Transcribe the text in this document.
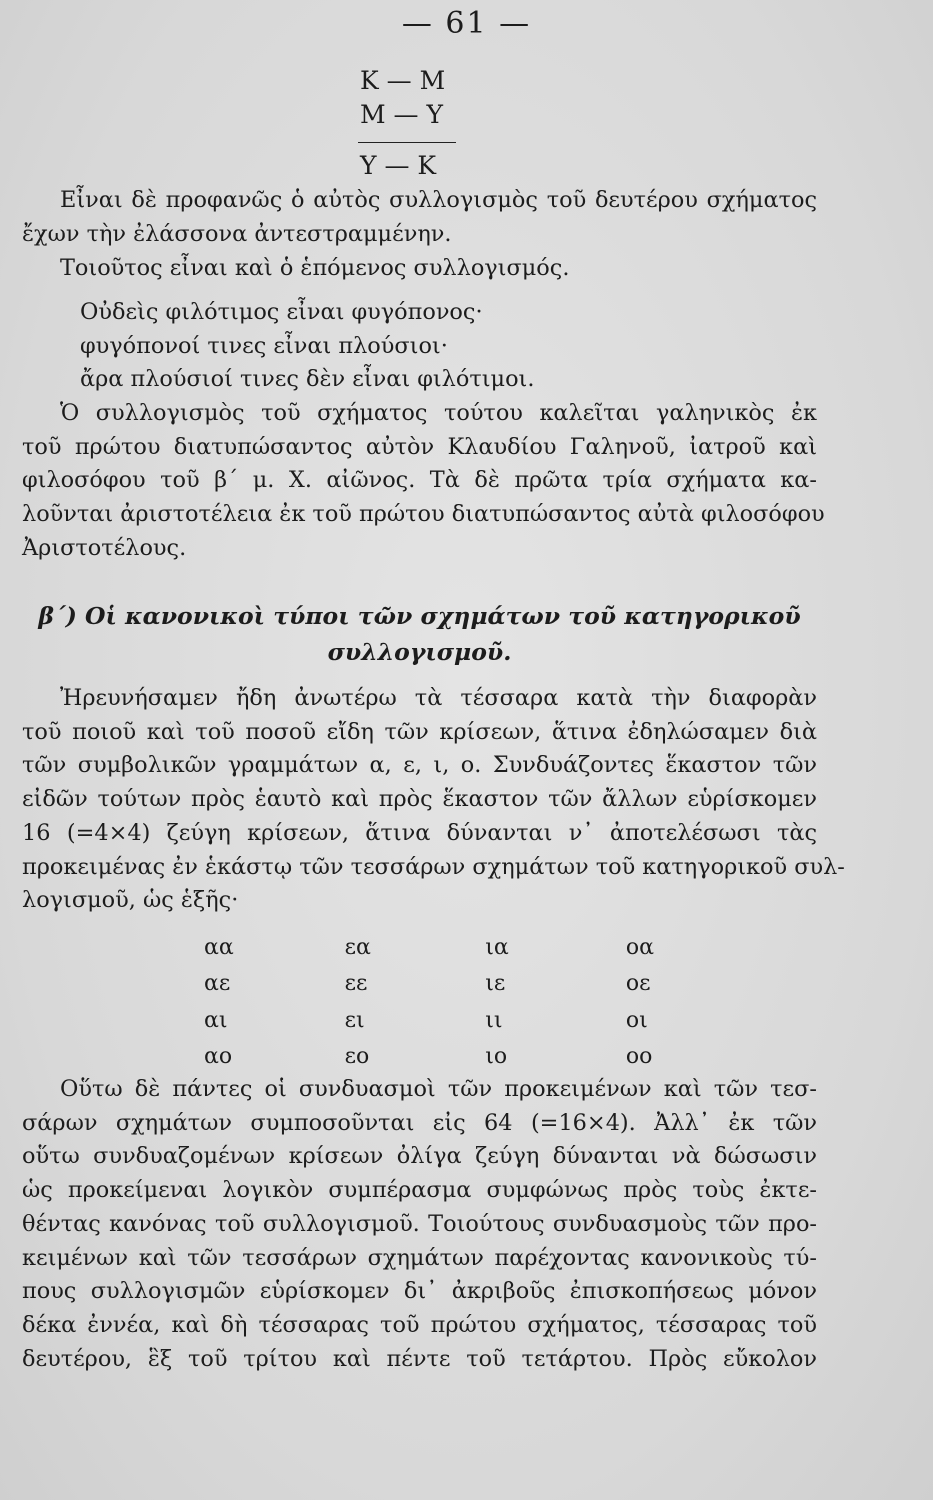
— 61 —
Κ — Μ
Μ — Υ
Υ — Κ
Εἶναι δὲ προφανῶς ὁ αὐτὸς συλλογισμὸς τοῦ δευτέρου σχήματος
ἔχων τὴν ἐλάσσονα ἀντεστραμμένην.
Τοιοῦτος εἶναι καὶ ὁ ἑπόμενος συλλογισμός.
Οὐδεὶς φιλότιμος εἶναι φυγόπονος·
φυγόπονοί τινες εἶναι πλούσιοι·
ἄρα πλούσιοί τινες δὲν εἶναι φιλότιμοι.
Ὁ συλλογισμὸς τοῦ σχήματος τούτου καλεῖται γαληνικὸς ἐκ
τοῦ πρώτου διατυπώσαντος αὐτὸν Κλαυδίου Γαληνοῦ, ἰατροῦ καὶ
φιλοσόφου τοῦ β΄ μ. Χ. αἰῶνος. Τὰ δὲ πρῶτα τρία σχήματα κα-
λοῦνται ἀριστοτέλεια ἐκ τοῦ πρώτου διατυπώσαντος αὐτὰ φιλοσόφου
Ἀριστοτέλους.
β΄) Οἱ κανονικοὶ τύποι τῶν σχημάτων τοῦ κατηγορικοῦ
συλλογισμοῦ.
Ἠρευνήσαμεν ἤδη ἀνωτέρω τὰ τέσσαρα κατὰ τὴν διαφορὰν
τοῦ ποιοῦ καὶ τοῦ ποσοῦ εἴδη τῶν κρίσεων, ἅτινα ἐδηλώσαμεν διὰ
τῶν συμβολικῶν γραμμάτων α, ε, ι, ο. Συνδυάζοντες ἕκαστον τῶν
εἰδῶν τούτων πρὸς ἑαυτὸ καὶ πρὸς ἕκαστον τῶν ἄλλων εὑρίσκομεν
16 (=4×4) ζεύγη κρίσεων, ἅτινα δύνανται ν᾽ ἀποτελέσωσι τὰς
προκειμένας ἐν ἑκάστῳ τῶν τεσσάρων σχημάτων τοῦ κατηγορικοῦ συλ-
λογισμοῦ, ὡς ἑξῆς·
αα	εα	ια	οα
αε	εε	ιε	οε
αι	ει	ιι	οι
αο	εο	ιο	οο
Οὕτω δὲ πάντες οἱ συνδυασμοὶ τῶν προκειμένων καὶ τῶν τεσ-
σάρων σχημάτων συμποσοῦνται εἰς 64 (=16×4). Ἀλλ᾽ ἐκ τῶν
οὕτω συνδυαζομένων κρίσεων ὀλίγα ζεύγη δύνανται νὰ δώσωσιν
ὡς προκείμεναι λογικὸν συμπέρασμα συμφώνως πρὸς τοὺς ἐκτε-
θέντας κανόνας τοῦ συλλογισμοῦ. Τοιούτους συνδυασμοὺς τῶν προ-
κειμένων καὶ τῶν τεσσάρων σχημάτων παρέχοντας κανονικοὺς τύ-
πους συλλογισμῶν εὑρίσκομεν δι᾽ ἀκριβοῦς ἐπισκοπήσεως μόνον
δέκα ἐννέα, καὶ δὴ τέσσαρας τοῦ πρώτου σχήματος, τέσσαρας τοῦ
δευτέρου, ἓξ τοῦ τρίτου καὶ πέντε τοῦ τετάρτου. Πρὸς εὔκολον
